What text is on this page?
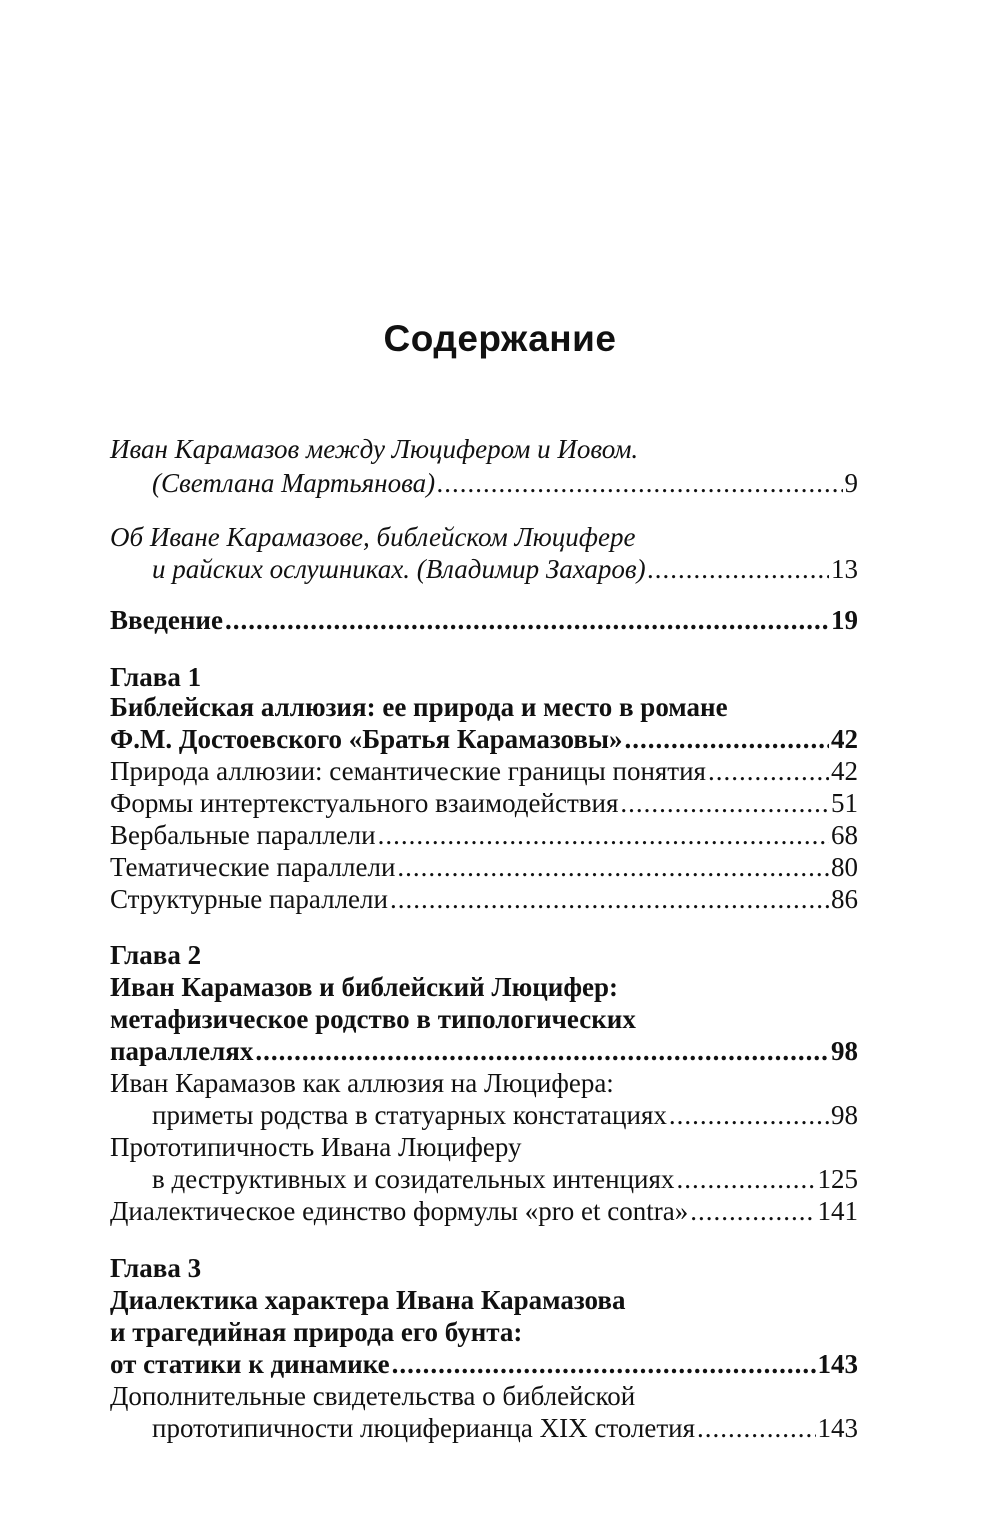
Содержание
Иван Карамазов между Люцифером и Иовом.
(Светлана Мартьянова) .....	9
Об Иване Карамазове, библейском Люцифере
и райских ослушниках. (Владимир Захаров) .....	13
Введение .....	19
Глава 1
Библейская аллюзия: ее природа и место в романе
Ф.М. Достоевского «Братья Карамазовы» .....	42
Природа аллюзии: семантические границы понятия .....	42
Формы интертекстуального взаимодействия .....	51
Вербальные параллели .....	68
Тематические параллели .....	80
Структурные параллели .....	86
Глава 2
Иван Карамазов и библейский Люцифер:
метафизическое родство в типологических
параллелях .....	98
Иван Карамазов как аллюзия на Люцифера:
приметы родства в статуарных констатациях .....	98
Прототипичность Ивана Люциферу
в деструктивных и созидательных интенциях .....	125
Диалектическое единство формулы «pro et contra» .....	141
Глава 3
Диалектика характера Ивана Карамазова
и трагедийная природа его бунта:
от статики к динамике .....	143
Дополнительные свидетельства о библейской
прототипичности люциферианца XIX столетия .....	143
